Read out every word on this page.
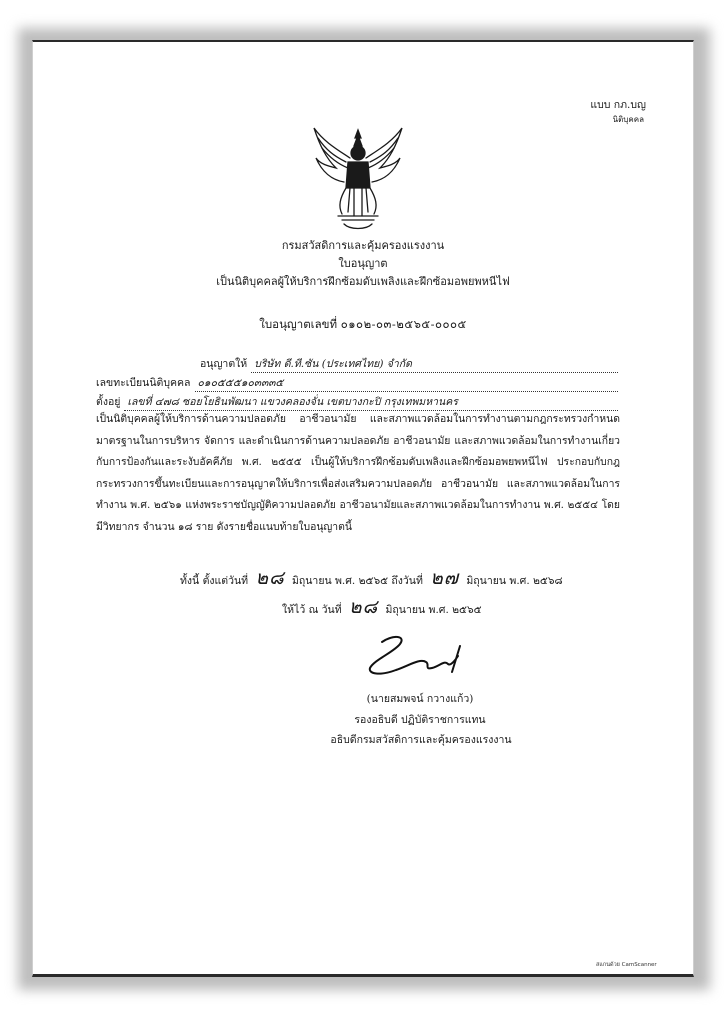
แบบ กภ.บญ
นิติบุคคล
กรมสวัสดิการและคุ้มครองแรงงาน
ใบอนุญาต
เป็นนิติบุคคลผู้ให้บริการฝึกซ้อมดับเพลิงและฝึกซ้อมอพยพหนีไฟ
ใบอนุญาตเลขที่ ๐๑๐๒-๐๓-๒๕๖๕-๐๐๐๕
อนุญาตให้ บริษัท ดี.ที.ซัน (ประเทศไทย) จำกัด
เลขทะเบียนนิติบุคคล ๐๑๐๕๕๕๑๐๓๓๓๕
ตั้งอยู่ เลขที่ ๔๗๘ ซอยโยธินพัฒนา แขวงคลองจั่น เขตบางกะปิ กรุงเทพมหานคร
เป็นนิติบุคคลผู้ให้บริการด้านความปลอดภัย อาชีวอนามัย และสภาพแวดล้อมในการทำงานตามกฎกระทรวงกำหนดมาตรฐานในการบริหาร จัดการ และดำเนินการด้านความปลอดภัย อาชีวอนามัย และสภาพแวดล้อมในการทำงานเกี่ยวกับการป้องกันและระงับอัคคีภัย พ.ศ. ๒๕๕๕ เป็นผู้ให้บริการฝึกซ้อมดับเพลิงและฝึกซ้อมอพยพหนีไฟ ประกอบกับกฎกระทรวงการขึ้นทะเบียนและการอนุญาตให้บริการเพื่อส่งเสริมความปลอดภัย อาชีวอนามัย และสภาพแวดล้อมในการทำงาน พ.ศ. ๒๕๖๑ แห่งพระราชบัญญัติความปลอดภัย อาชีวอนามัยและสภาพแวดล้อมในการทำงาน พ.ศ. ๒๕๕๔ โดยมีวิทยากร จำนวน ๑๘ ราย ดังรายชื่อแนบท้ายใบอนุญาตนี้
ทั้งนี้ ตั้งแต่วันที่ ๒๘ มิถุนายน พ.ศ. ๒๕๖๕ ถึงวันที่ ๒๗ มิถุนายน พ.ศ. ๒๕๖๘
ให้ไว้ ณ วันที่ ๒๘ มิถุนายน พ.ศ. ๒๕๖๕
(นายสมพจน์ กวางแก้ว)
รองอธิบดี ปฏิบัติราชการแทน
อธิบดีกรมสวัสดิการและคุ้มครองแรงงาน
สแกนด้วย CamScanner
